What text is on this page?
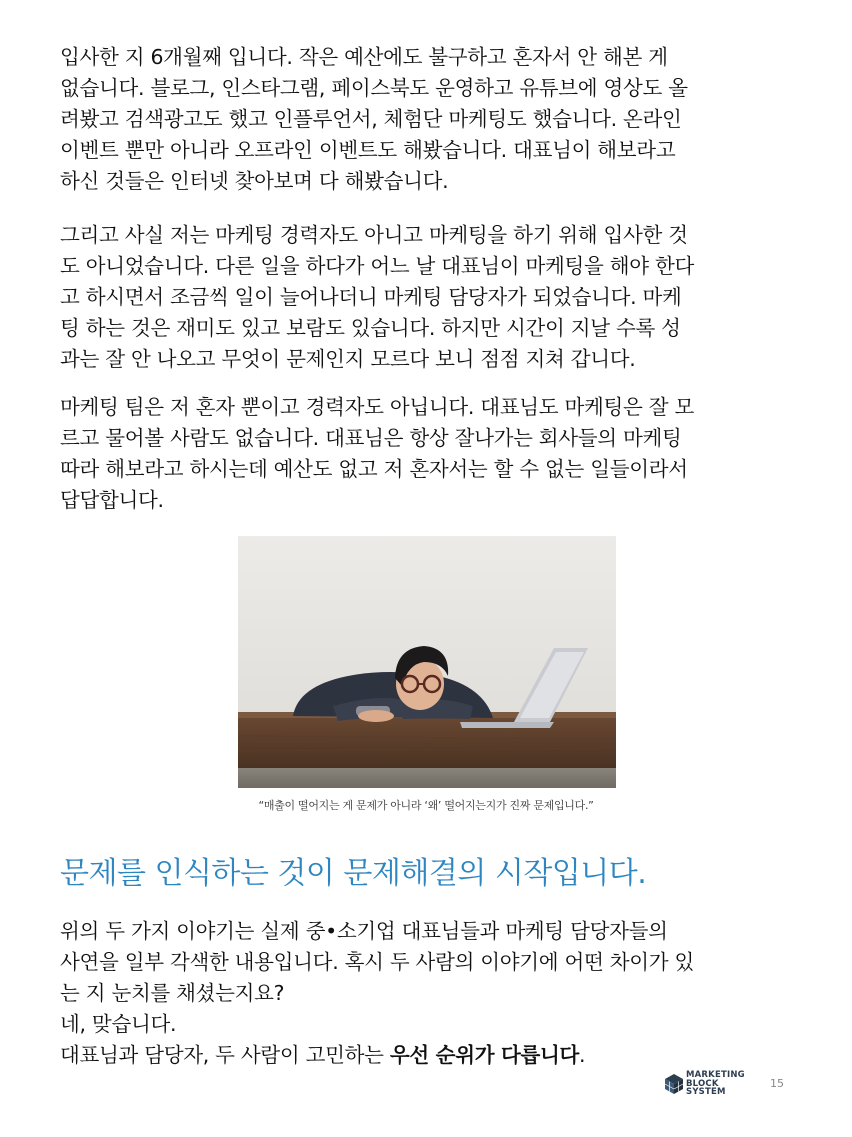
입사한 지 6개월째 입니다. 작은 예산에도 불구하고 혼자서 안 해본 게
없습니다. 블로그, 인스타그램, 페이스북도 운영하고 유튜브에 영상도 올
려봤고 검색광고도 했고 인플루언서, 체험단 마케팅도 했습니다. 온라인
이벤트 뿐만 아니라 오프라인 이벤트도 해봤습니다. 대표님이 해보라고
하신 것들은 인터넷 찾아보며 다 해봤습니다.

그리고 사실 저는 마케팅 경력자도 아니고 마케팅을 하기 위해 입사한 것
도 아니었습니다. 다른 일을 하다가 어느 날 대표님이 마케팅을 해야 한다
고 하시면서 조금씩 일이 늘어나더니 마케팅 담당자가 되었습니다. 마케
팅 하는 것은 재미도 있고 보람도 있습니다. 하지만 시간이 지날 수록 성
과는 잘 안 나오고 무엇이 문제인지 모르다 보니 점점 지쳐 갑니다.

마케팅 팀은 저 혼자 뿐이고 경력자도 아닙니다. 대표님도 마케팅은 잘 모
르고 물어볼 사람도 없습니다. 대표님은 항상 잘나가는 회사들의 마케팅
따라 해보라고 하시는데 예산도 없고 저 혼자서는 할 수 없는 일들이라서
답답합니다.

“매출이 떨어지는 게 문제가 아니라 ‘왜’ 떨어지는지가 진짜 문제입니다.”
문제를 인식하는 것이 문제해결의 시작입니다.

위의 두 가지 이야기는 실제 중•소기업 대표님들과 마케팅 담당자들의
사연을 일부 각색한 내용입니다. 혹시 두 사람의 이야기에 어떤 차이가 있
는 지 눈치를 채셨는지요?
네, 맞습니다.
대표님과 담당자, 두 사람이 고민하는 우선 순위가 다릅니다.

MARKETING
BLOCK
SYSTEM
15
